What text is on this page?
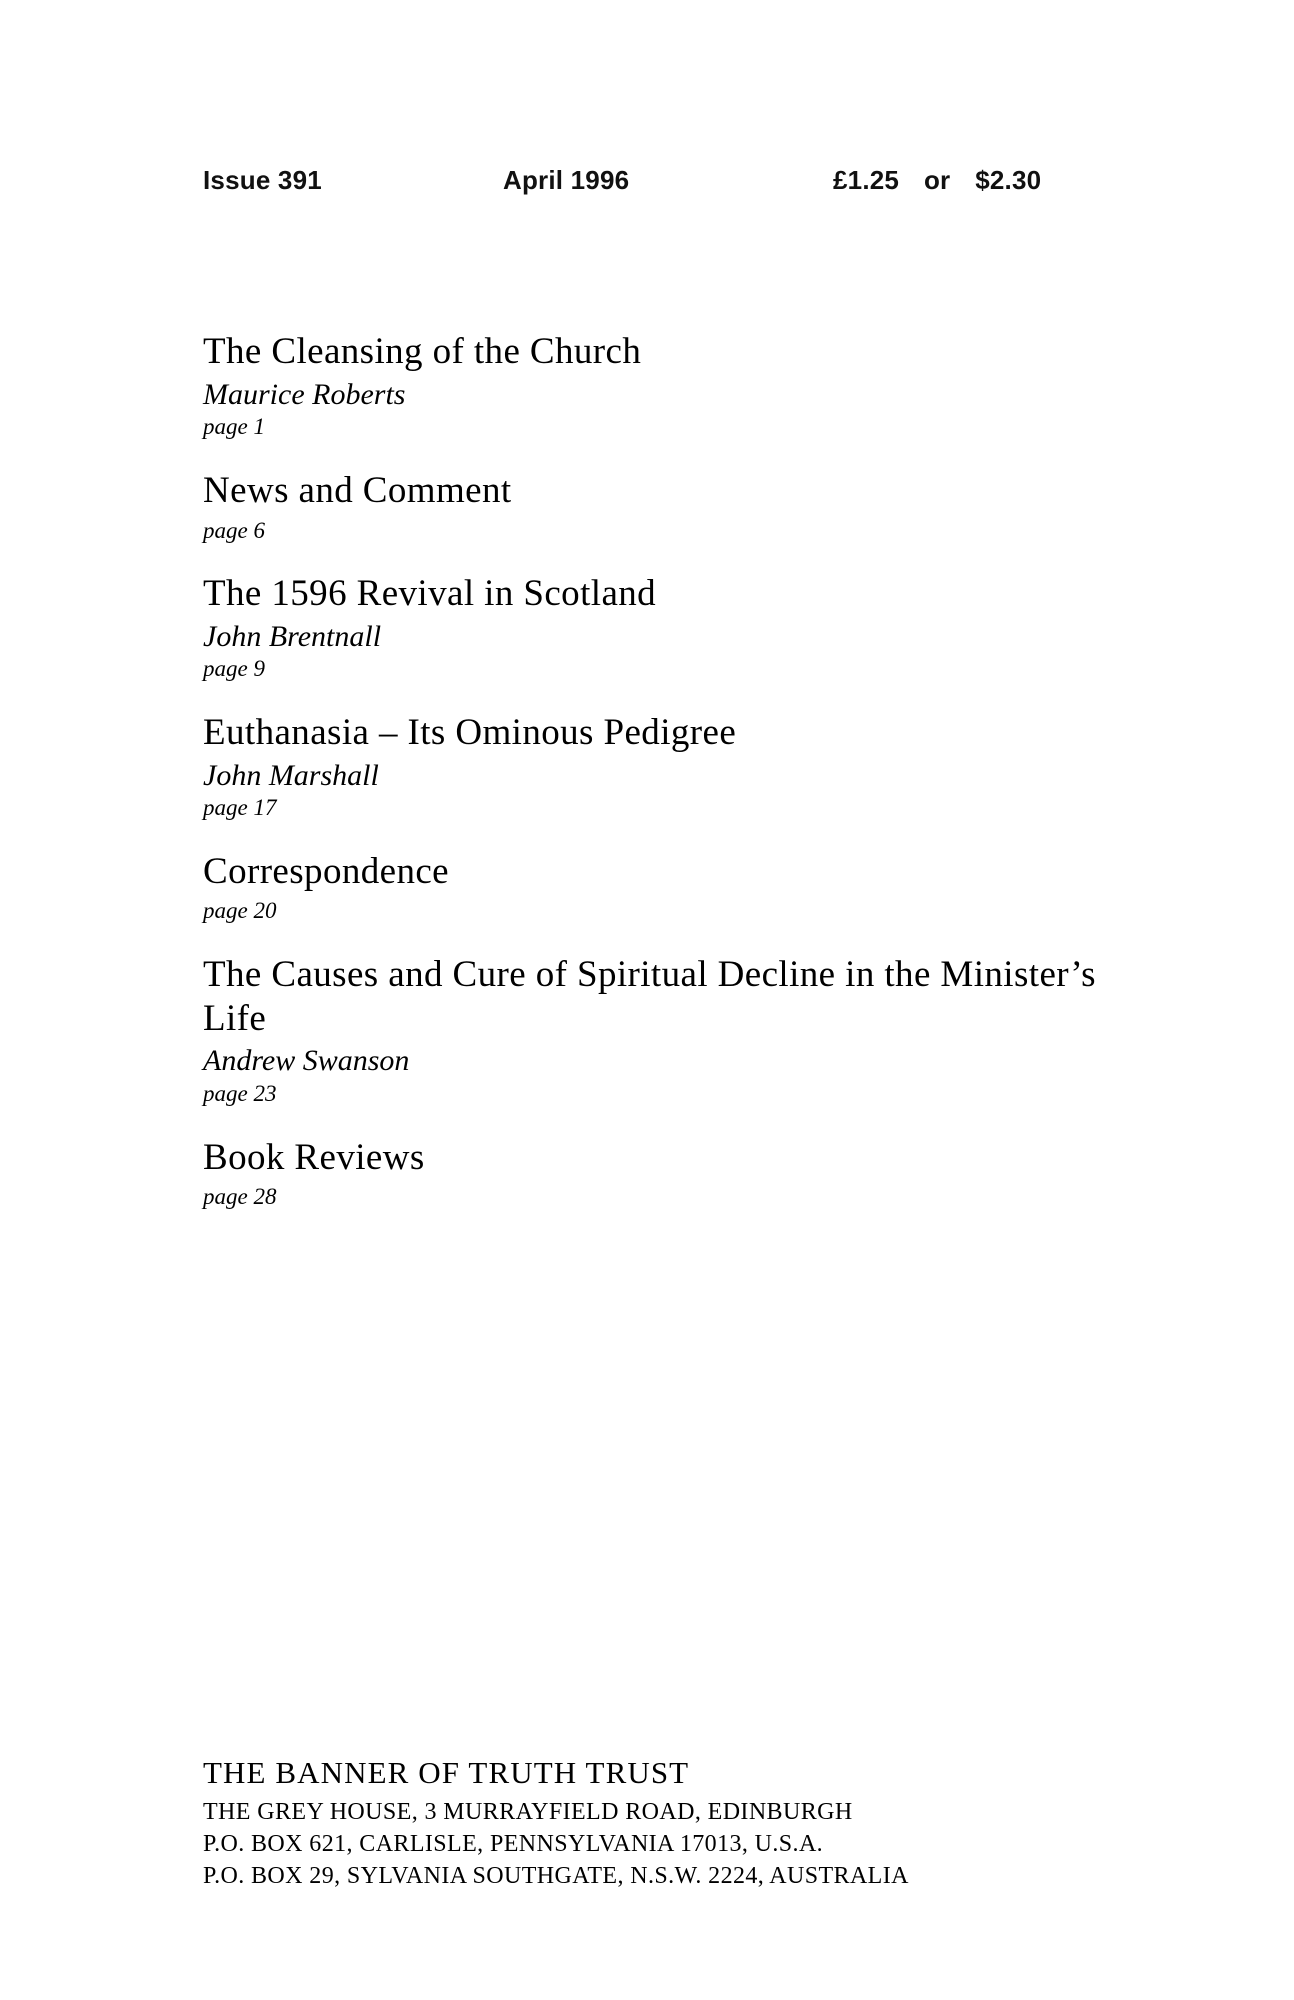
Issue 391	April 1996	£1.25 or $2.30

The Cleansing of the Church

Maurice Roberts

page 1

News and Comment

page 6

The 1596 Revival in Scotland

John Brentnall

page 9

Euthanasia – Its Ominous Pedigree

John Marshall

page 17

Correspondence

page 20

The Causes and Cure of Spiritual Decline in the Minister’s Life

Andrew Swanson

page 23

Book Reviews

page 28

THE BANNER OF TRUTH TRUST

THE GREY HOUSE, 3 MURRAYFIELD ROAD, EDINBURGH

P.O. BOX 621, CARLISLE, PENNSYLVANIA 17013, U.S.A.

P.O. BOX 29, SYLVANIA SOUTHGATE, N.S.W. 2224, AUSTRALIA
